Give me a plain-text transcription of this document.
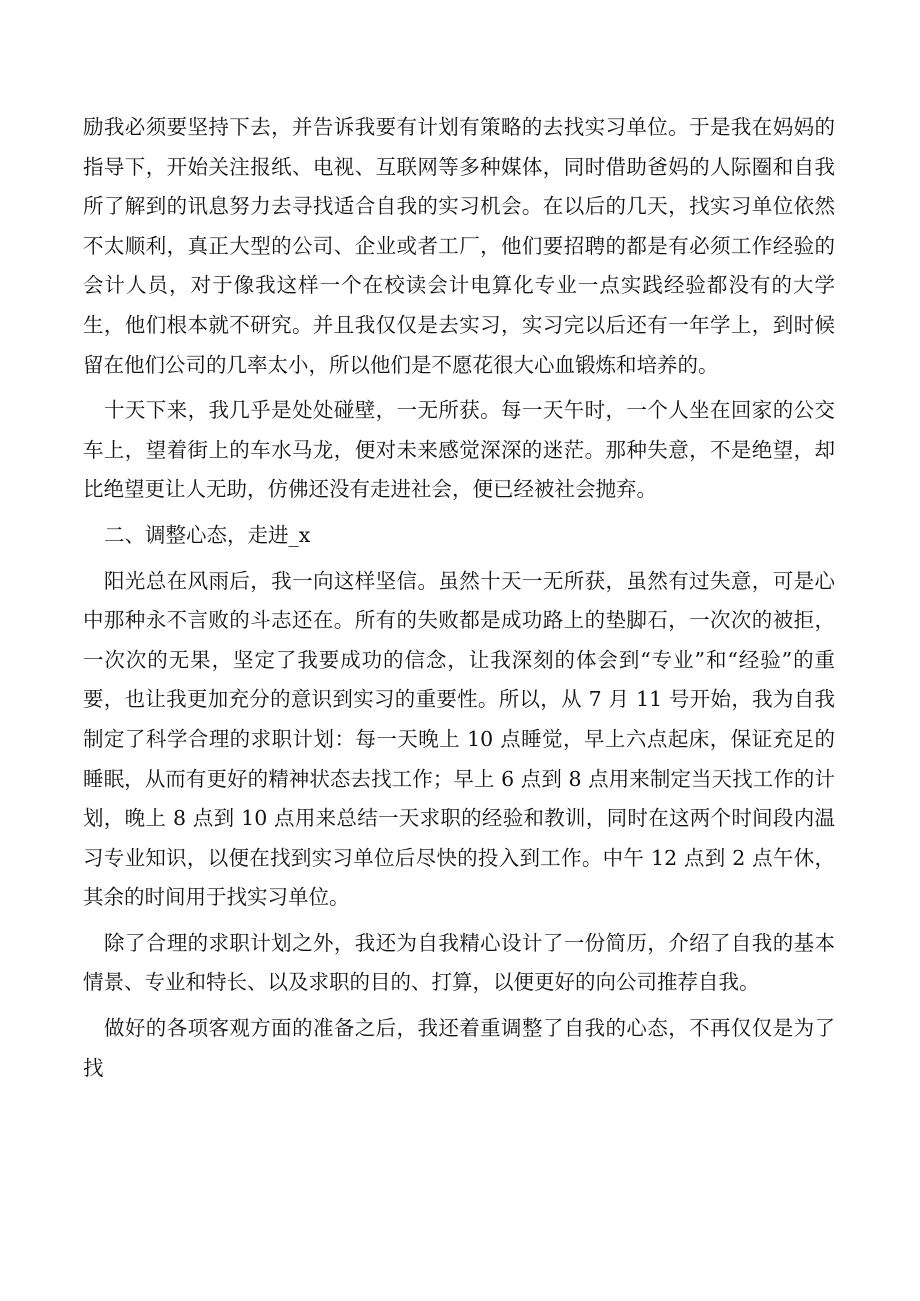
励我必须要坚持下去，并告诉我要有计划有策略的去找实习单位。于是我在妈妈的指导下，开始关注报纸、电视、互联网等多种媒体，同时借助爸妈的人际圈和自我所了解到的讯息努力去寻找适合自我的实习机会。在以后的几天，找实习单位依然不太顺利，真正大型的公司、企业或者工厂，他们要招聘的都是有必须工作经验的会计人员，对于像我这样一个在校读会计电算化专业一点实践经验都没有的大学生，他们根本就不研究。并且我仅仅是去实习，实习完以后还有一年学上，到时候留在他们公司的几率太小，所以他们是不愿花很大心血锻炼和培养的。

十天下来，我几乎是处处碰壁，一无所获。每一天午时，一个人坐在回家的公交车上，望着街上的车水马龙，便对未来感觉深深的迷茫。那种失意，不是绝望，却比绝望更让人无助，仿佛还没有走进社会，便已经被社会抛弃。

二、调整心态，走进_x

阳光总在风雨后，我一向这样坚信。虽然十天一无所获，虽然有过失意，可是心中那种永不言败的斗志还在。所有的失败都是成功路上的垫脚石，一次次的被拒，一次次的无果，坚定了我要成功的信念，让我深刻的体会到“专业”和“经验”的重要，也让我更加充分的意识到实习的重要性。所以，从 7 月 11 号开始，我为自我制定了科学合理的求职计划：每一天晚上 10 点睡觉，早上六点起床，保证充足的睡眠，从而有更好的精神状态去找工作；早上 6 点到 8 点用来制定当天找工作的计划，晚上 8 点到 10 点用来总结一天求职的经验和教训，同时在这两个时间段内温习专业知识，以便在找到实习单位后尽快的投入到工作。中午 12 点到 2 点午休，其余的时间用于找实习单位。

除了合理的求职计划之外，我还为自我精心设计了一份简历，介绍了自我的基本情景、专业和特长、以及求职的目的、打算，以便更好的向公司推荐自我。

做好的各项客观方面的准备之后，我还着重调整了自我的心态，不再仅仅是为了找
